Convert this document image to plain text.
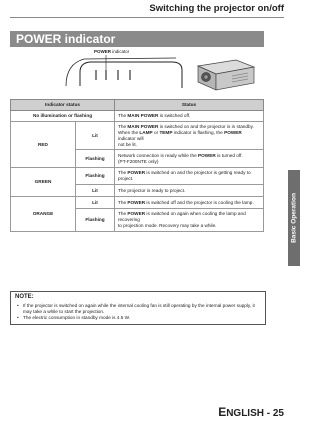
Switching the projector on/off
Basic Operation
POWER indicator
POWER indicator
Indicator status		Status
No illumination or flashing		The MAIN POWER is switched off.
RED	Lit	The MAIN POWER is switched on and the projector is in standby.
When the LAMP or TEMP indicator is flashing, the POWER indicator will
not be lit.

	Flashing	Network connection is ready while the POWER is turned off.
(PT-F200NTE only)

GREEN	Flashing	The POWER is switched on and the projector is getting ready to project.
	Lit	The projector is ready to project.
ORANGE	Lit	The POWER is switched off and the projector is cooling the lamp.
	Flashing	The POWER is switched on again when cooling the lamp and recovering
to projection mode. Recovery may take a while.
NOTE:
• If the projector is switched on again while the internal cooling fan is still operating by the internal power supply, it may take a while to start the projection.
• The electric consumption in standby mode is 4.5 W.
ENGLISH - 25
